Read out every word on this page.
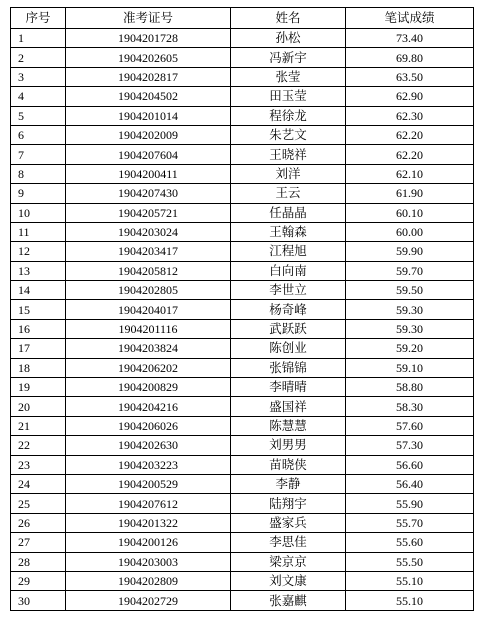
序号	准考证号	姓名	笔试成绩
1	1904201728	孙松	73.40
2	1904202605	冯新宇	69.80
3	1904202817	张莹	63.50
4	1904204502	田玉莹	62.90
5	1904201014	程徐龙	62.30
6	1904202009	朱艺文	62.20
7	1904207604	王晓祥	62.20
8	1904200411	刘洋	62.10
9	1904207430	王云	61.90
10	1904205721	任晶晶	60.10
11	1904203024	王翰森	60.00
12	1904203417	江程旭	59.90
13	1904205812	白向南	59.70
14	1904202805	李世立	59.50
15	1904204017	杨奇峰	59.30
16	1904201116	武跃跃	59.30
17	1904203824	陈创业	59.20
18	1904206202	张锦锦	59.10
19	1904200829	李晴晴	58.80
20	1904204216	盛国祥	58.30
21	1904206026	陈慧慧	57.60
22	1904202630	刘男男	57.30
23	1904203223	苗晓侠	56.60
24	1904200529	李静	56.40
25	1904207612	陆翔宇	55.90
26	1904201322	盛家兵	55.70
27	1904200126	李思佳	55.60
28	1904203003	梁京京	55.50
29	1904202809	刘文康	55.10
30	1904202729	张嘉麒	55.10
